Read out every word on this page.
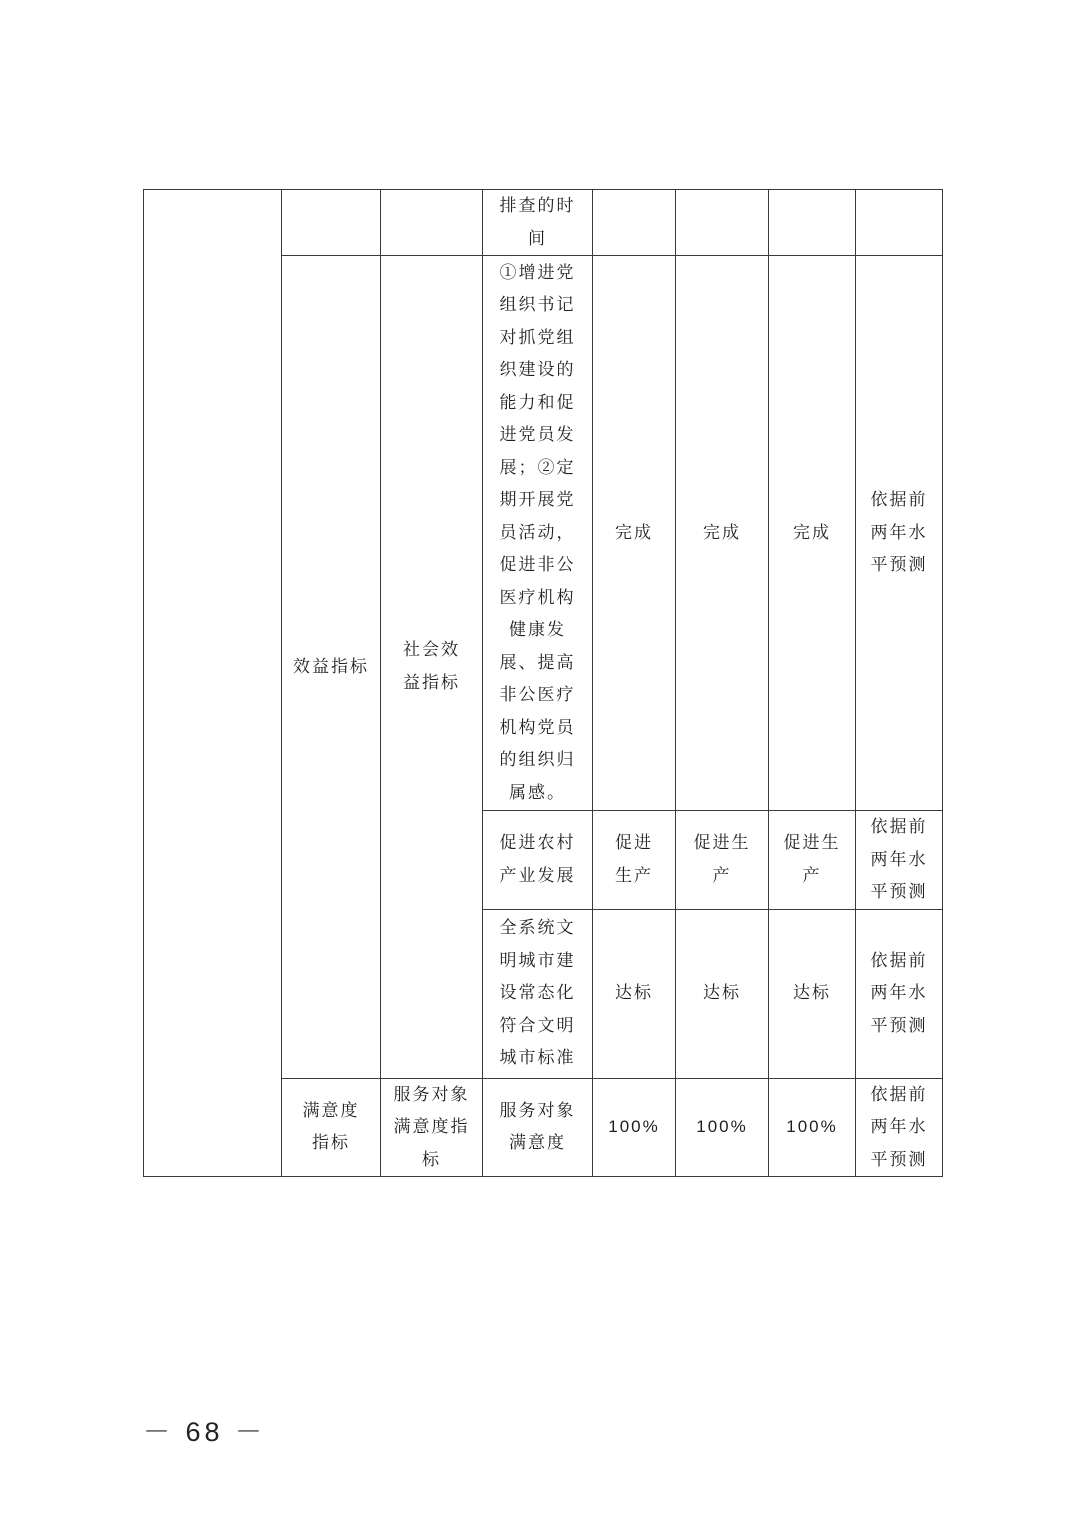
			排查的时间				
	效益指标	社会效益指标	①增进党组织书记对抓党组织建设的能力和促进党员发展；②定期开展党员活动，促进非公医疗机构健康发展、提高非公医疗机构党员的组织归属感。	完成	完成	完成	依据前两年水平预测
			促进农村产业发展	促进生产	促进生产	促进生产	依据前两年水平预测
			全系统文明城市建设常态化符合文明城市标准	达标	达标	达标	依据前两年水平预测
	满意度指标	服务对象满意度指标	服务对象满意度	100%	100%	100%	依据前两年水平预测
－ 68 －
